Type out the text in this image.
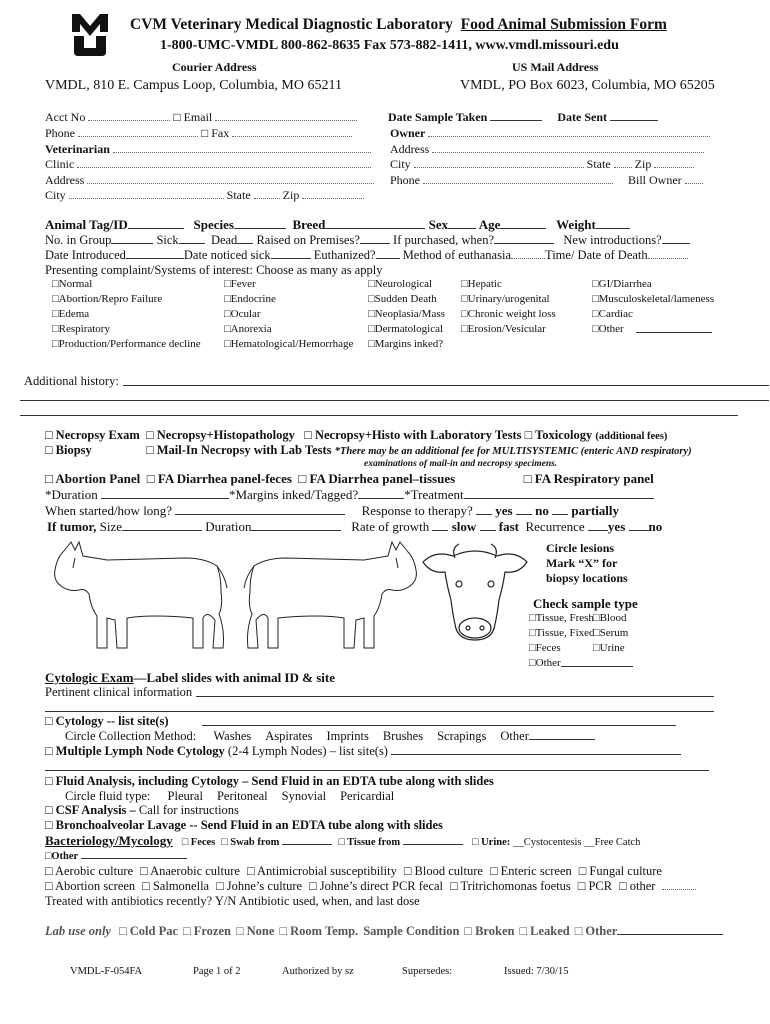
CVM Veterinary Medical Diagnostic Laboratory Food Animal Submission Form
1-800-UMC-VMDL 800-862-8635 Fax 573-882-1411, www.vmdl.missouri.edu
Courier Address	US Mail Address
VMDL, 810 E. Campus Loop, Columbia, MO 65211	VMDL, PO Box 6023, Columbia, MO 65205
Acct No	□ Email
Phone	□ Fax
Veterinarian
Clinic
Address
City	State	Zip
Date Sample Taken	Date Sent
Owner
Address
City	State Zip
Phone	Bill Owner
Animal Tag/ID	Species	Breed	Sex Age	Weight
No. in Group	Sick	Dead Raised on Premises?	If purchased, when?	New introductions?
Date Introduced	Date noticed sick	Euthanized? Method of euthanasia	Time/ Date of Death
Presenting complaint/Systems of interest: Choose as many as apply
□Normal	□Fever	□Neurological	□Hepatic	□GI/Diarrhea
□Abortion/Repro Failure	□Endocrine	□Sudden Death □Urinary/urogenital	□Musculoskeletal/lameness
□Edema	□Ocular	□Neoplasia/Mass □Chronic weight loss	□Cardiac
□Respiratory	□Anorexia	□Dermatological □Erosion/Vesicular	□Other
□Production/Performance decline □Hematological/Hemorrhage □Margins inked?
Additional history:
□ Necropsy Exam □ Necropsy+Histopathology □ Necropsy+Histo with Laboratory Tests □ Toxicology (additional fees)
□ Biopsy	□ Mail-In Necropsy with Lab Tests *There may be an additional fee for MULTISYSTEMIC (enteric AND respiratory)
examinations of mail-in and necropsy specimens.
□ Abortion Panel □ FA Diarrhea panel-feces □ FA Diarrhea panel–tissues	□ FA Respiratory panel
*Duration	*Margins inked/Tagged?	*Treatment
When started/how long?	Response to therapy? yes no partially
If tumor, Size	Duration	Rate of growth slow fast Recurrence yes no
Circle lesions
Mark “X” for
biopsy locations
Check sample type
□Tissue, Fresh □Blood
□Tissue, Fixed
□Serum
□Feces	□Urine
□Other
Cytologic Exam—Label slides with animal ID & site
Pertinent clinical information
□ Cytology -- list site(s)
Circle Collection Method: Washes Aspirates Imprints Brushes Scrapings Other
□ Multiple Lymph Node Cytology (2-4 Lymph Nodes) – list site(s)
□ Fluid Analysis, including Cytology – Send Fluid in an EDTA tube along with slides
Circle fluid type: Pleural Peritoneal Synovial Pericardial
□ CSF Analysis – Call for instructions
□ Bronchoalveolar Lavage -- Send Fluid in an EDTA tube along with slides
Bacteriology/Mycology □ Feces □ Swab from	□ Tissue from	□ Urine: __Cystocentesis __Free Catch
□Other
□ Aerobic culture □ Anaerobic culture □ Antimicrobial susceptibility □ Blood culture □ Enteric screen □ Fungal culture
□ Abortion screen □ Salmonella □ Johne’s culture □ Johne’s direct PCR fecal □ Tritrichomonas foetus □ PCR □ other
Treated with antibiotics recently? Y/N Antibiotic used, when, and last dose
Lab use only □ Cold Pac □ Frozen □ None □ Room Temp. Sample Condition □ Broken □ Leaked □ Other
VMDL-F-054FA	Page 1 of 2	Authorized by sz	Supersedes:	Issued: 7/30/15
